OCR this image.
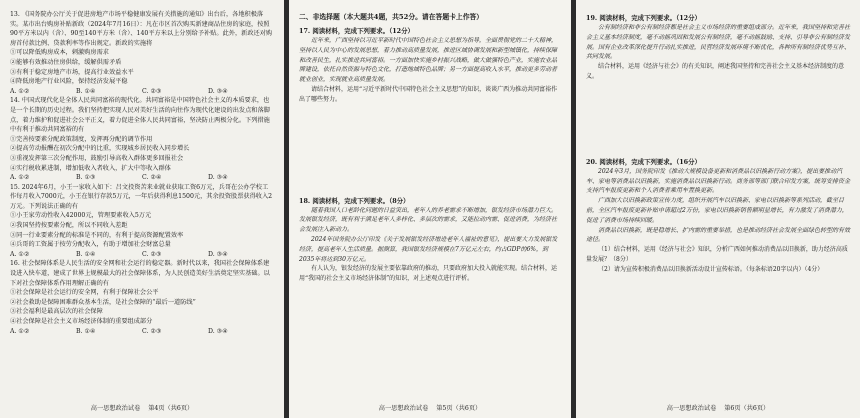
13. 《国务院办公厅关于促进房地产市场平稳健康发展有关措施的通知》出台后，各地积极落实。某市出台购房补贴新政（2024年7月16日）：凡在市区首次购买新建商品住房的家庭，按照90平方米以内（含）、90至140平方米（含）、140平方米以上分别给予补贴。此外，新政还对购房首付款比例、贷款利率等作出规定。新政的实施将

①可以降低购房成本，刺激购房需求

②能够有效推动住房供给，缓解供需矛盾

③有利于稳定房地产市场，提高行业效益水平

④降低房地产行业风险，保持经济发展平稳

A. ①②	B. ①④	C. ②③	D. ③④

14. 中国式现代化是全体人民共同富裕的现代化。共同富裕是中国特色社会主义的本质要求，也是一个长期的历史过程。我们坚持把实现人民对美好生活的向往作为现代化建设的出发点和落脚点，着力维护和促进社会公平正义，着力促进全体人民共同富裕，坚决防止两极分化。下列措施中有利于推动共同富裕的有

①完善按要素分配政策制度，发挥再分配的调节作用

②提高劳动报酬在初次分配中的比重，实现城乡居民收入同步增长

③重视发挥第三次分配作用，鼓励引导高收入群体更多回报社会

④实行税收累进制，增加低收入者收入，扩大中等收入群体

A. ①②	B. ①③	C. ②④	D. ③④

15. 2024年6月，小王一家收入如下：吕文投资苦来业就业获取工资6万元，兵哥在公办学校工作每月收入7000元，小王在银行存款5万元，一年后获得利息1500元，其余投资股票获得收入2万元。下列说法正确的有

①小王家劳动性收入42000元，管理要素收入5万元

②我国坚持按要素分配，所以不同收入差距

③同一行业要素分配的标准是不同的，有利于提高资源配置效率

④兵哥的工资属于按劳分配收入，有助于增加社会财富总量

A. ①②	B. ①④	C. ②③	D. ③④

16. 社会保障体系是人民生活的安全网和社会运行的稳定器。新时代以来，我国社会保障体系建设进入快车道，建成了世界上规模最大的社会保障体系，为人民创造美好生活奠定坚实基础。以下对社会保障体系作用理解正确的有

①社会保障是社会运行的安全网，有利于保障社会公平

②社会救助是保障困难群众基本生活，是社会保障的“最后一道防线”

③社会福利是最高层次的社会保障

④社会保障是社会主义市场经济体制的重要组成部分

A. ①②	B. ①④	C. ②③	D. ③④
高一思想政治试卷 第4页（共6页）
二、非选择题（本大题共4题，共52分。请在答题卡上作答）
17. 阅读材料，完成下列要求。（12分）

近年来，广西坚持以习近平新时代中国特色社会主义思想为指导，全面贯彻党的二十大精神，坚持以人民为中心的发展思想，着力推动高质量发展，推进区域协调发展和新型城镇化，持续保障和改善民生，扎实推进共同富裕。一方面加快实施乡村振兴战略，做大做强特色产业，实施农业品牌建设，依托自然资源与特色文化，打造地域特色品牌；另一方面提高收入水平，推动更多劳动者就业创业，实现就业高质量发展。

请结合材料，运用“习近平新时代中国特色社会主义思想”的知识，谈谈广西为推动共同富裕作出了哪些努力。

18. 阅读材料，完成下列要求。（8分）

随着我国人口老龄化问题的日益突出，老年人的养老需求不断增加，银发经济市场潜力巨大。发展银发经济，既有利于满足老年人多样化、多层次的需求，又能拉动内需、促进消费，为经济社会发展注入新动力。

2024年国务院办公厅印发《关于发展银发经济增进老年人福祉的意见》，提出要大力发展银发经济，提高老年人生活质量。据测算，我国银发经济规模在7万亿元左右，约占GDP的6%，到2035年将达到30万亿元。

有人认为，银发经济的发展主要依靠政府的推动，只要政府加大投入就能实现。结合材料，运用“我国的社会主义市场经济体制”的知识，对上述观点进行评析。

高一思想政治试卷 第5页（共6页）
19. 阅读材料，完成下列要求。（12分）

公有制经济和非公有制经济都是社会主义市场经济的重要组成部分。近年来，我国坚持和完善社会主义基本经济制度，毫不动摇巩固和发展公有制经济，毫不动摇鼓励、支持、引导非公有制经济发展。国有企业改革深化提升行动扎实推进，民营经济发展环境不断优化，各种所有制经济优势互补、共同发展。

结合材料，运用《经济与社会》的有关知识，阐述我国坚持和完善社会主义基本经济制度的意义。

20. 阅读材料，完成下列要求。（16分）

2024年3月，国务院印发《推动大规模设备更新和消费品以旧换新行动方案》，提出要推动汽车、家电等消费品以旧换新，实施消费品以旧换新行动。商务部等部门联合印发方案，统筹安排资金支持汽车报废更新和个人消费者乘用车置换更新。

广西加大以旧换新政策宣传力度，组织开展汽车以旧换新、家电以旧换新等系列活动，截至目前，全区汽车报废更新补贴申请超过2万份，家电以旧换新销售额明显增长，有力激发了消费潜力，促进了消费市场持续回暖。

消费品以旧换新，既是稳增长、扩内需的重要举措，也是推动经济社会发展全面绿色转型的有效途径。

（1）结合材料，运用《经济与社会》知识，分析广西如何推动消费品以旧换新，助力经济高质量发展？（8分）

（2）请为宣传积极消费品以旧换新活动设计宣传标语。（每条标语20字以内）（4分）

高一思想政治试卷 第6页（共6页）
